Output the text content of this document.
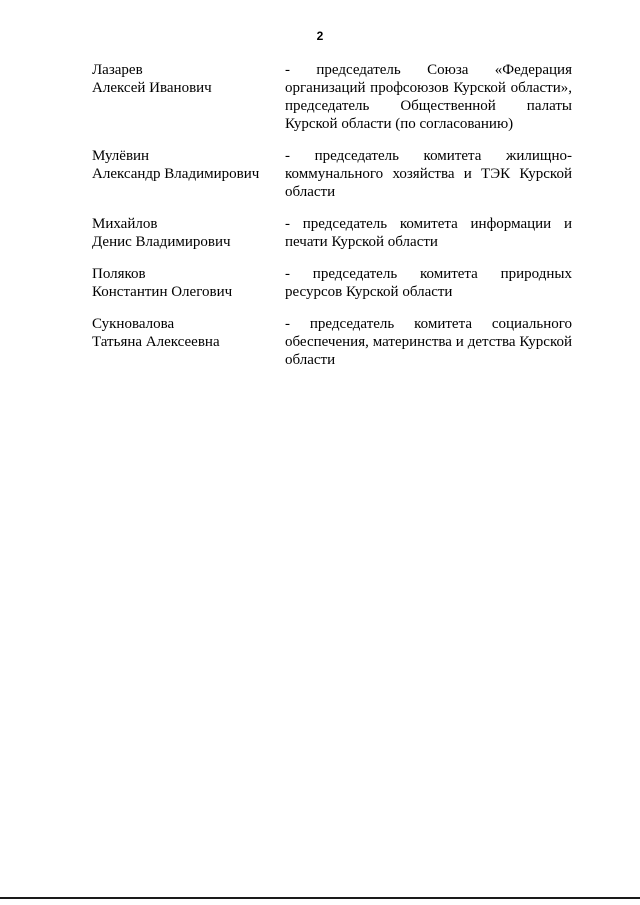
2
Лазарев
Алексей Иванович
- председатель Союза «Федерация организаций профсоюзов Курской области», председатель Общественной палаты Курской области (по согласованию)
Мулёвин
Александр Владимирович
- председатель комитета жилищно-коммунального хозяйства и ТЭК Курской области
Михайлов
Денис Владимирович
- председатель комитета информации и печати Курской области
Поляков
Константин Олегович
- председатель комитета природных ресурсов Курской области
Сукновалова
Татьяна Алексеевна
- председатель комитета социального обеспечения, материнства и детства Курской области
